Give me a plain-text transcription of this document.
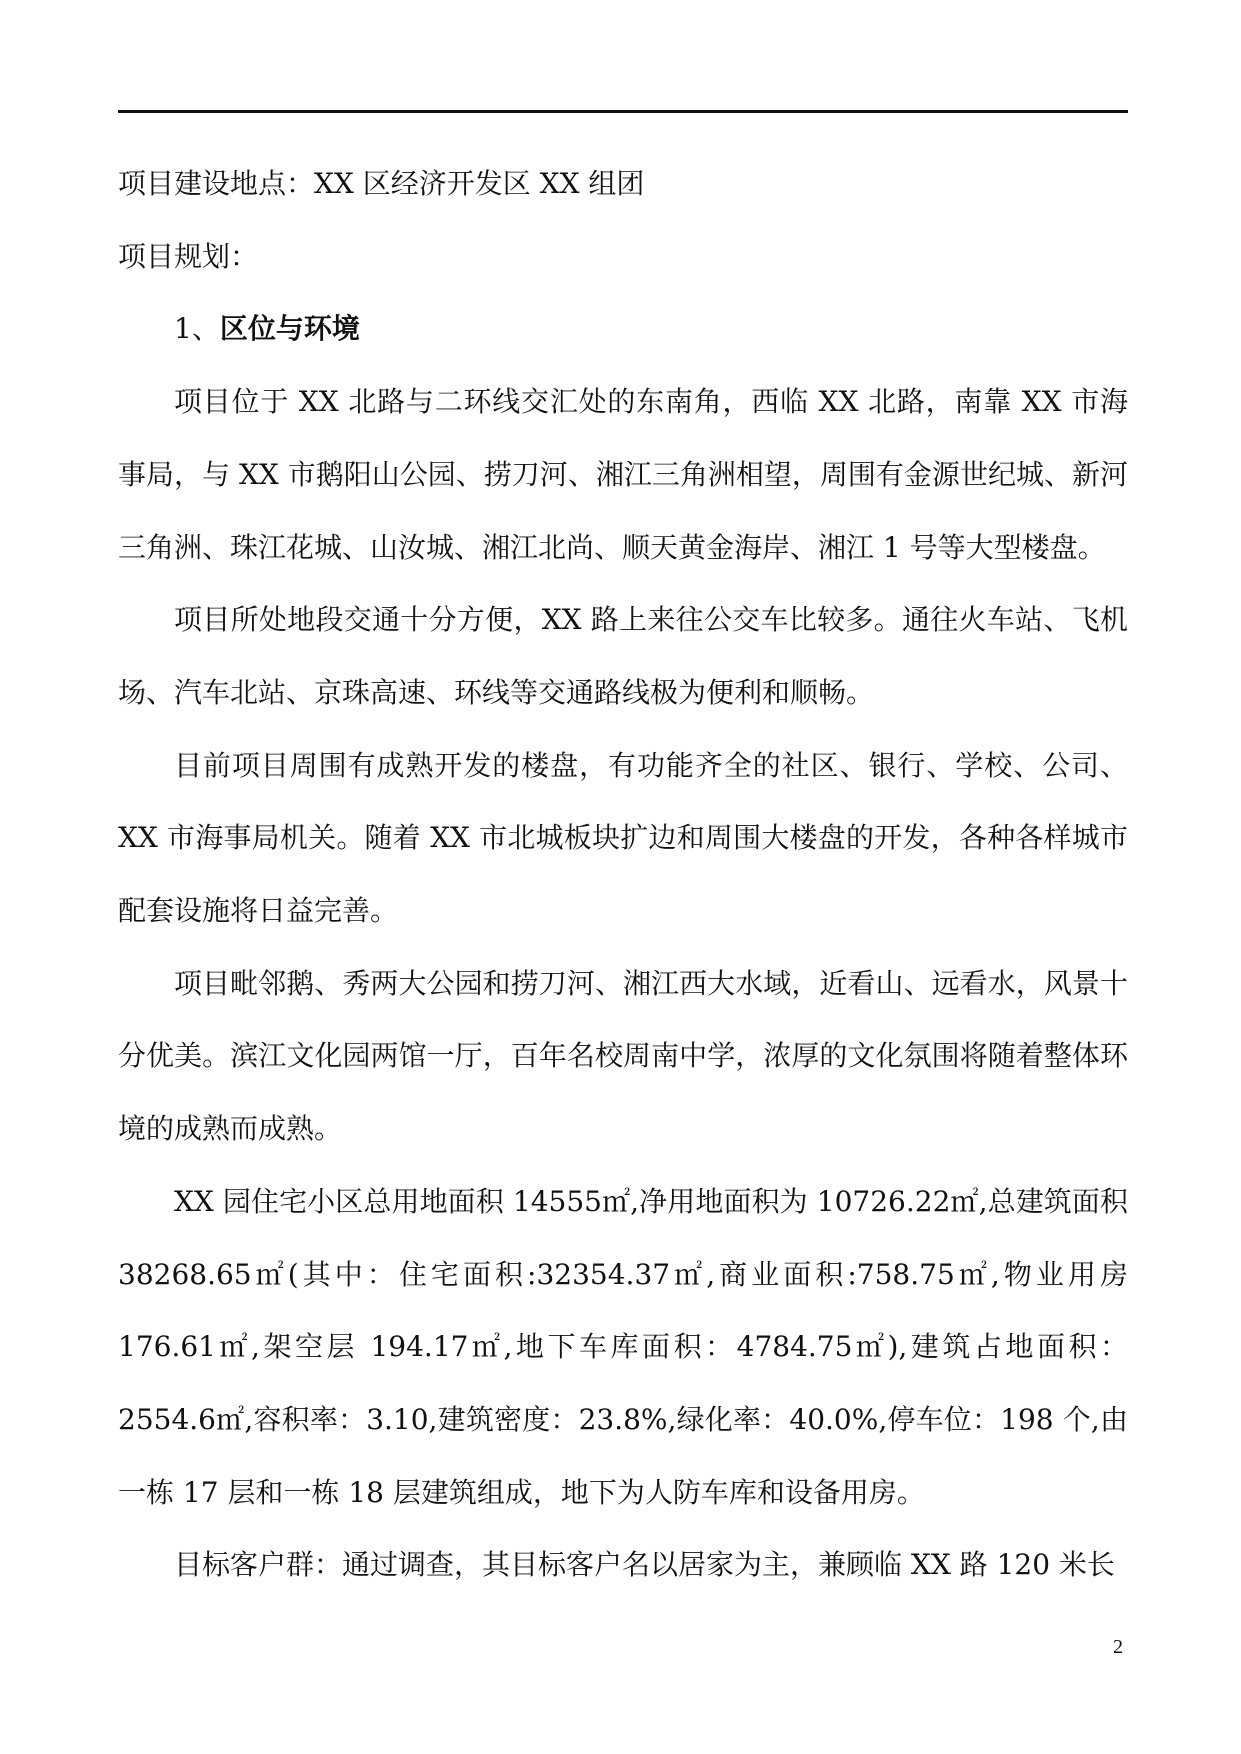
项目建设地点：XX 区经济开发区 XX 组团

项目规划：

1、区位与环境

项目位于 XX 北路与二环线交汇处的东南角，西临 XX 北路，南靠 XX 市海事局，与 XX 市鹅阳山公园、捞刀河、湘江三角洲相望，周围有金源世纪城、新河三角洲、珠江花城、山汝城、湘江北尚、顺天黄金海岸、湘江 1 号等大型楼盘。

项目所处地段交通十分方便，XX 路上来往公交车比较多。通往火车站、飞机场、汽车北站、京珠高速、环线等交通路线极为便利和顺畅。

目前项目周围有成熟开发的楼盘，有功能齐全的社区、银行、学校、公司、XX 市海事局机关。随着 XX 市北城板块扩边和周围大楼盘的开发，各种各样城市配套设施将日益完善。

项目毗邻鹅、秀两大公园和捞刀河、湘江西大水域，近看山、远看水，风景十分优美。滨江文化园两馆一厅，百年名校周南中学，浓厚的文化氛围将随着整体环境的成熟而成熟。

XX 园住宅小区总用地面积 14555㎡,净用地面积为 10726.22㎡,总建筑面积 38268.65㎡(其中：住宅面积:32354.37㎡,商业面积:758.75㎡,物业用房 176.61㎡,架空层 194.17㎡,地下车库面积：4784.75㎡),建筑占地面积：2554.6㎡,容积率：3.10,建筑密度：23.8%,绿化率：40.0%,停车位：198 个,由一栋 17 层和一栋 18 层建筑组成，地下为人防车库和设备用房。

目标客户群：通过调查，其目标客户名以居家为主，兼顾临 XX 路 120 米长

2
